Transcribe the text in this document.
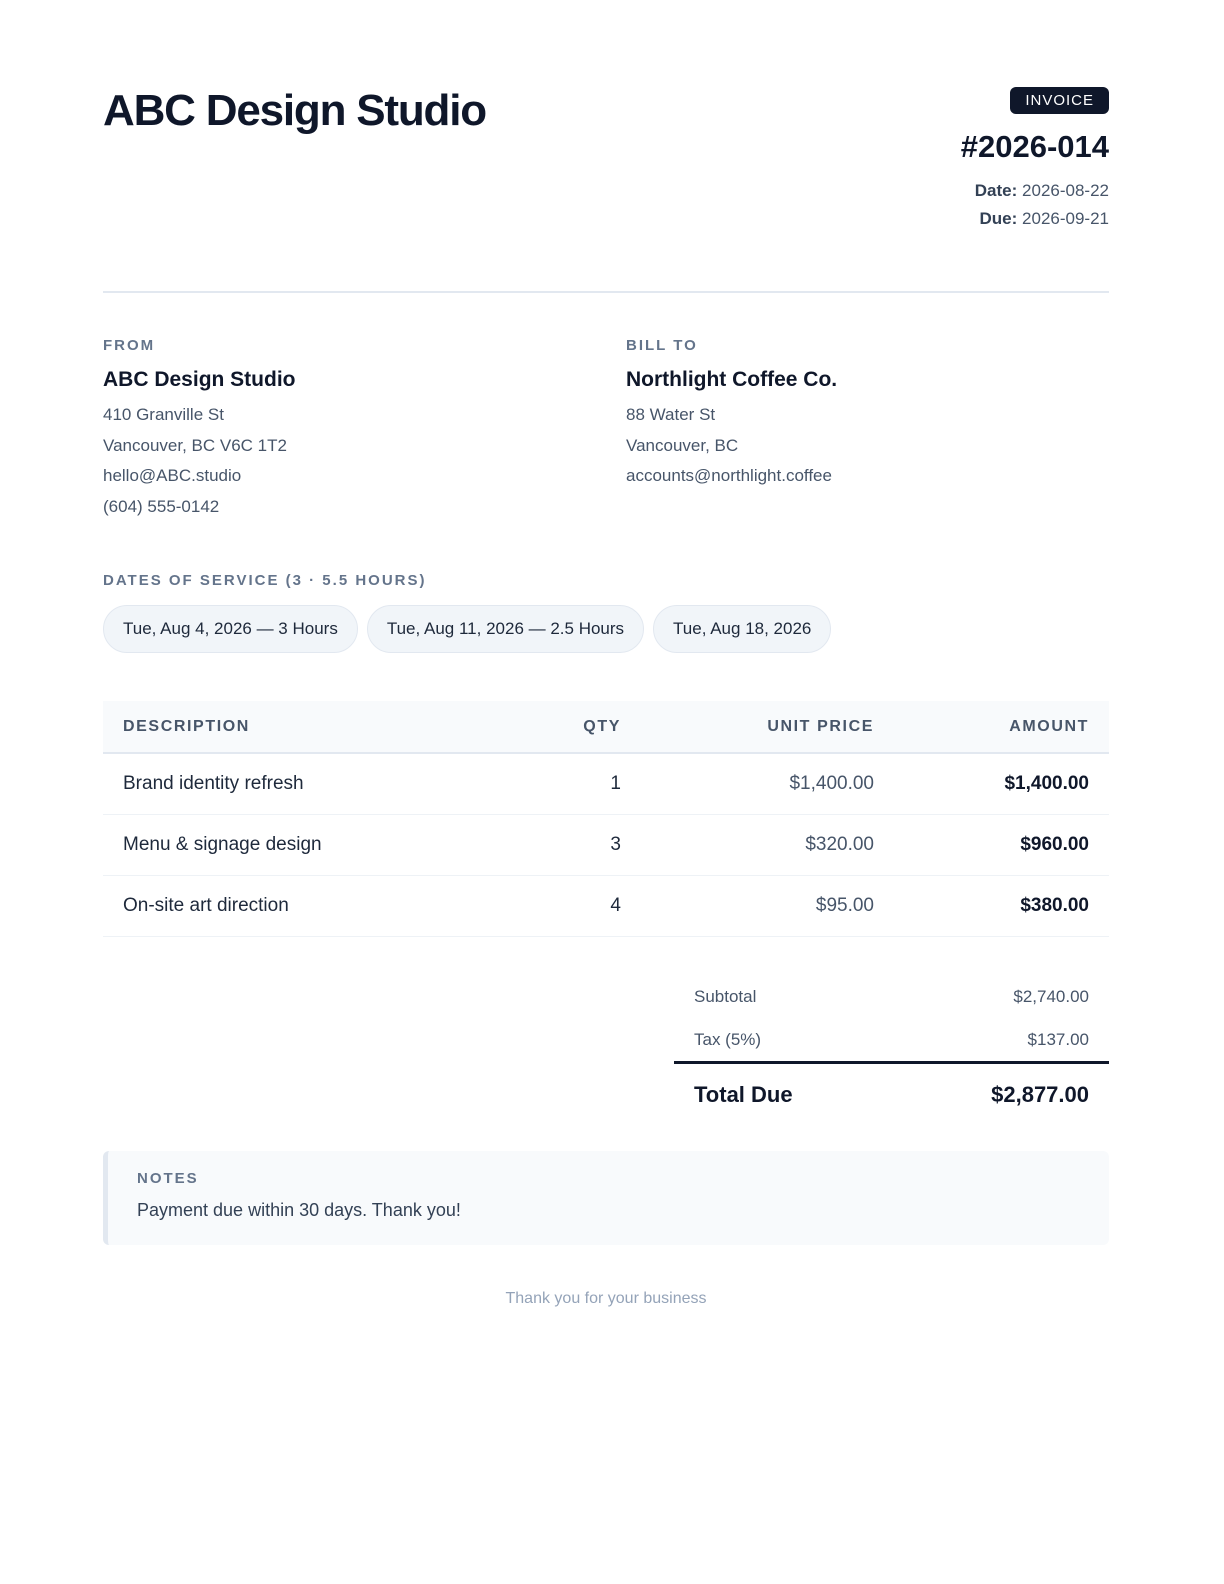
ABC Design Studio	INVOICE
#2026-014
Date: 2026-08-22
Due: 2026-09-21
FROM
ABC Design Studio
410 Granville St
Vancouver, BC V6C 1T2
hello@ABC.studio
(604) 555-0142
BILL TO
Northlight Coffee Co.
88 Water St
Vancouver, BC
accounts@northlight.coffee
DATES OF SERVICE (3 · 5.5 HOURS)
Tue, Aug 4, 2026 — 3 Hours	Tue, Aug 11, 2026 — 2.5 Hours	Tue, Aug 18, 2026
DESCRIPTION	QTY	UNIT PRICE	AMOUNT
Brand identity refresh	1	$1,400.00	$1,400.00
Menu & signage design	3	$320.00	$960.00
On-site art direction	4	$95.00	$380.00
Subtotal	$2,740.00
Tax (5%)	$137.00
Total Due	$2,877.00
NOTES
Payment due within 30 days. Thank you!
Thank you for your business
